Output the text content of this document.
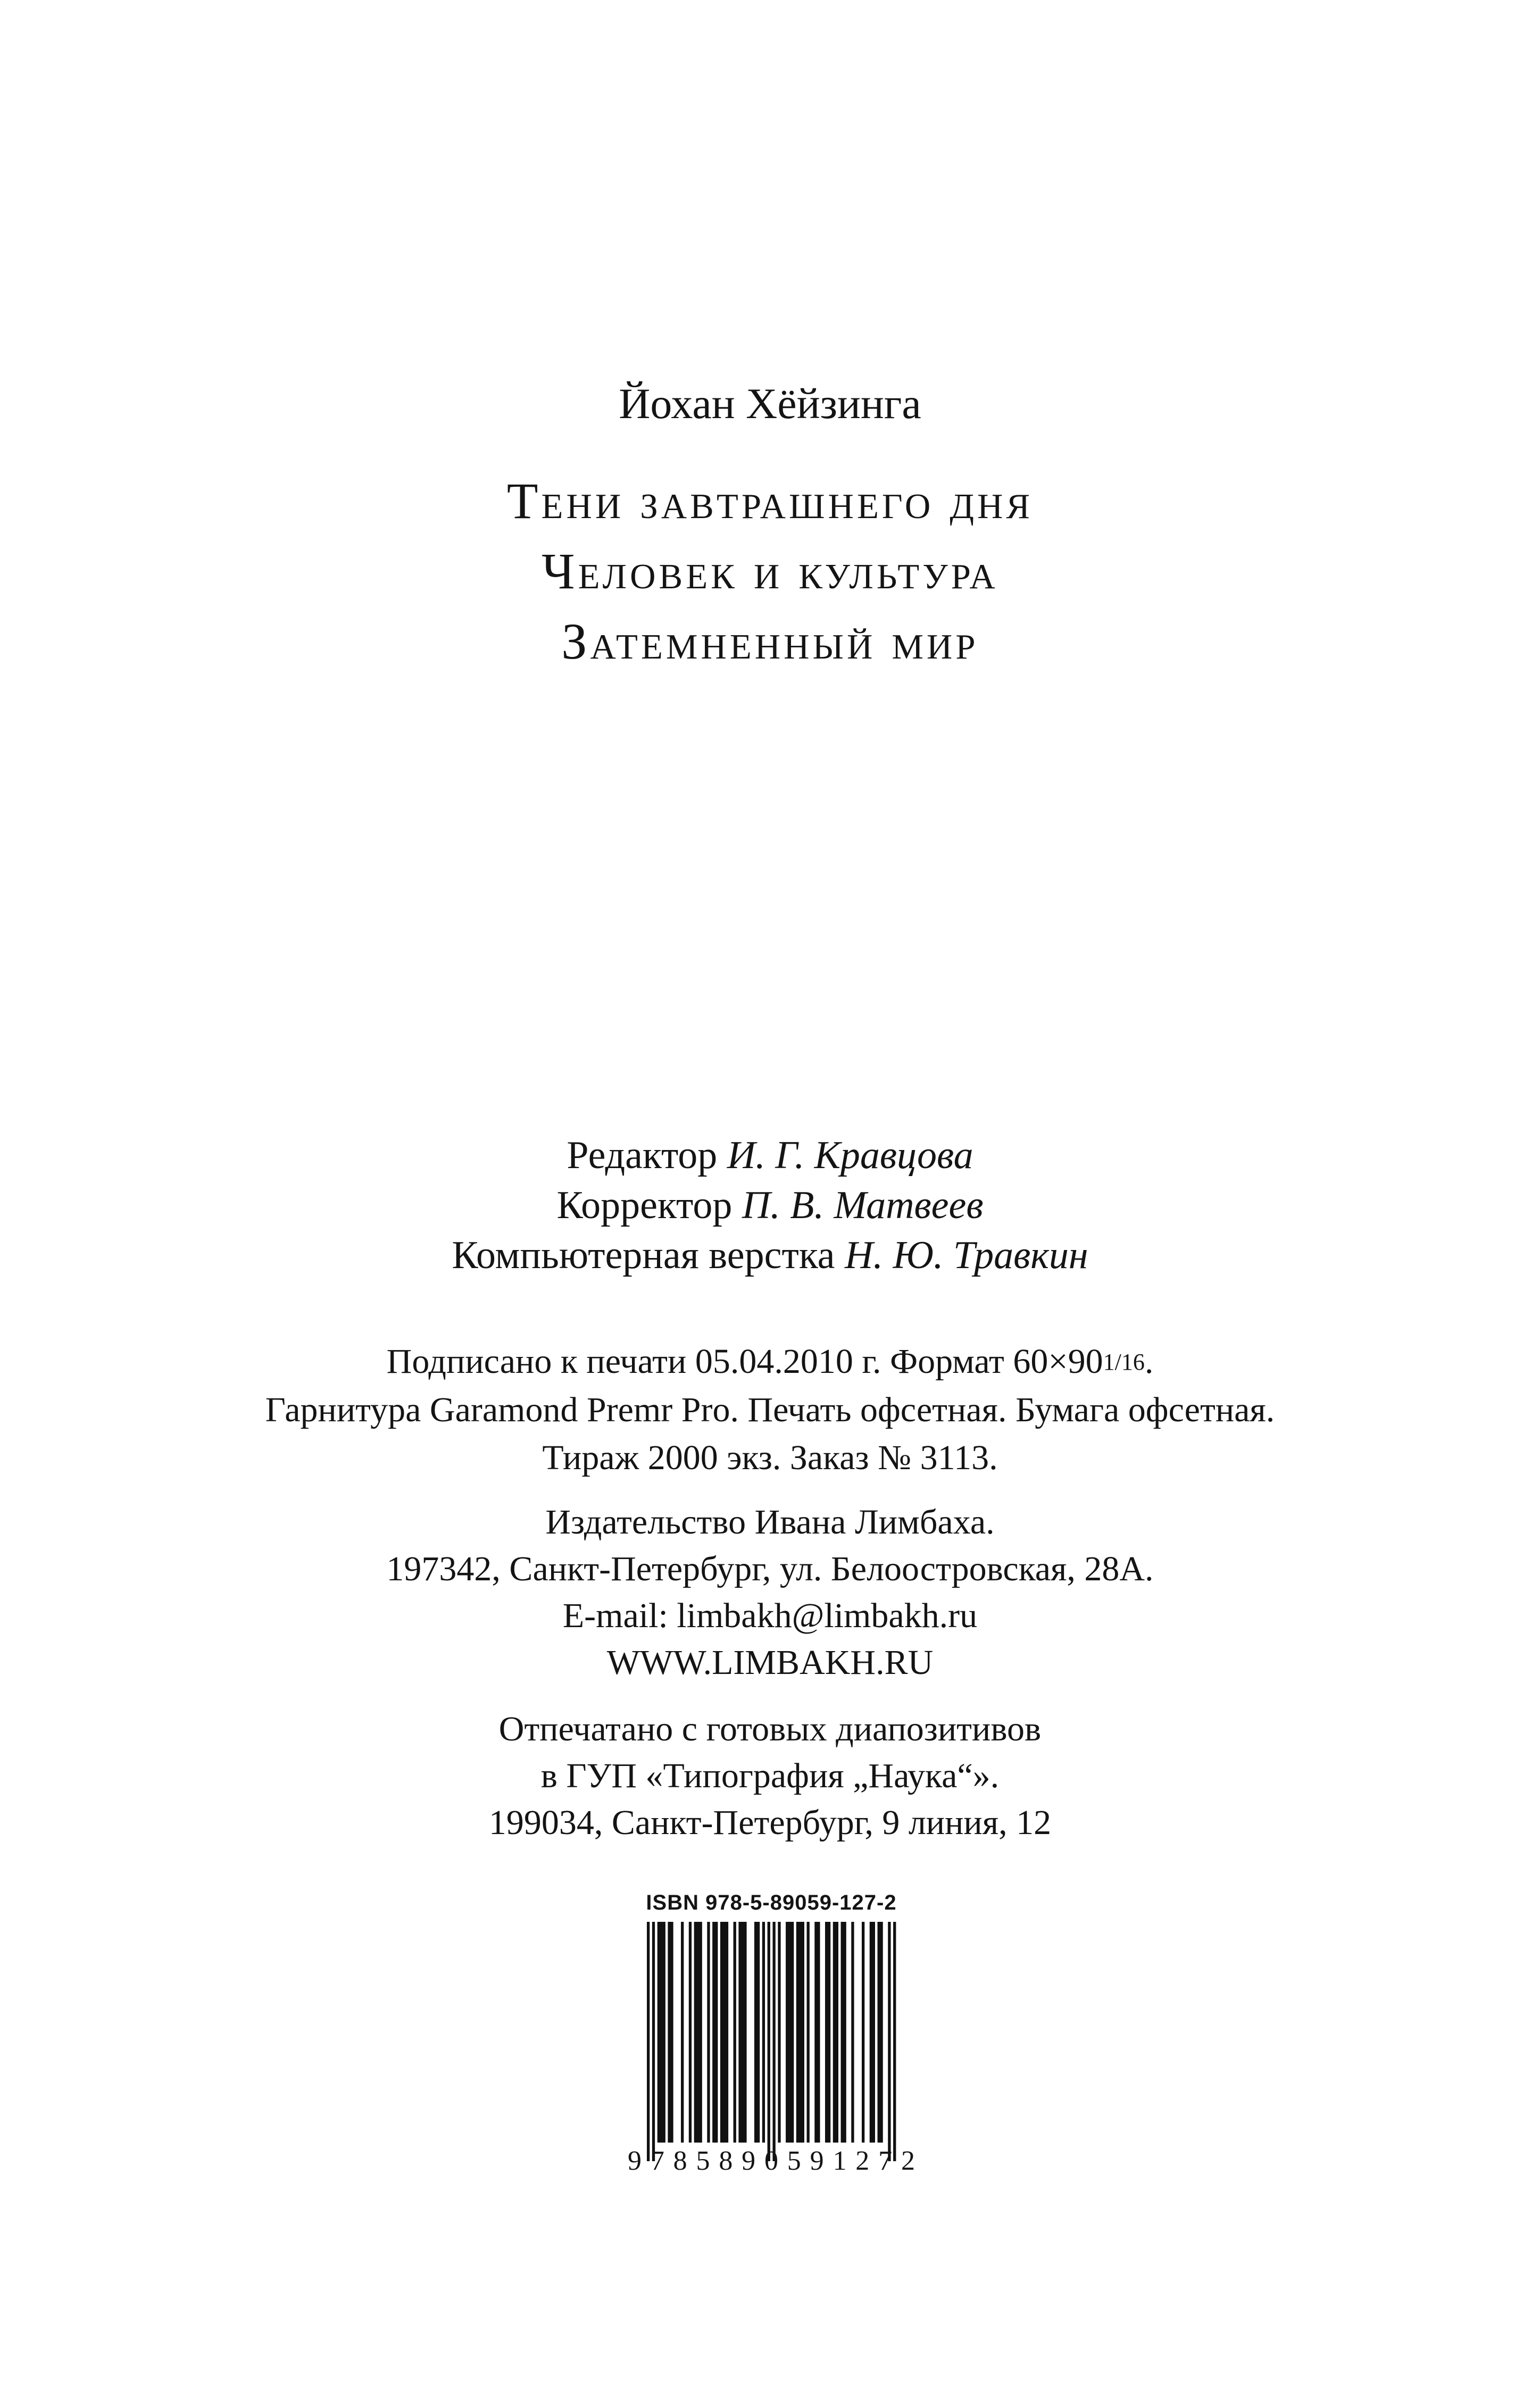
Йохан Хёйзинга
Тени завтрашнего дня
Человек и культура
Затемненный мир
Редактор И. Г. Кравцова
Корректор П. В. Матвеев
Компьютерная верстка Н. Ю. Травкин
Подписано к печати 05.04.2010 г. Формат 60×901/16.
Гарнитура Garamond Premr Pro. Печать офсетная. Бумага офсетная.
Тираж 2000 экз. Заказ № 3113.
Издательство Ивана Лимбаха.
197342, Санкт-Петербург, ул. Белоостровская, 28А.
E-mail: limbakh@limbakh.ru
WWW.LIMBAKH.RU
Отпечатано с готовых диапозитивов
в ГУП «Типография „Наука“».
199034, Санкт-Петербург, 9 линия, 12
ISBN 978-5-89059-127-2
9 7 8 5 8 9 0 5 9 1 2 7 2
